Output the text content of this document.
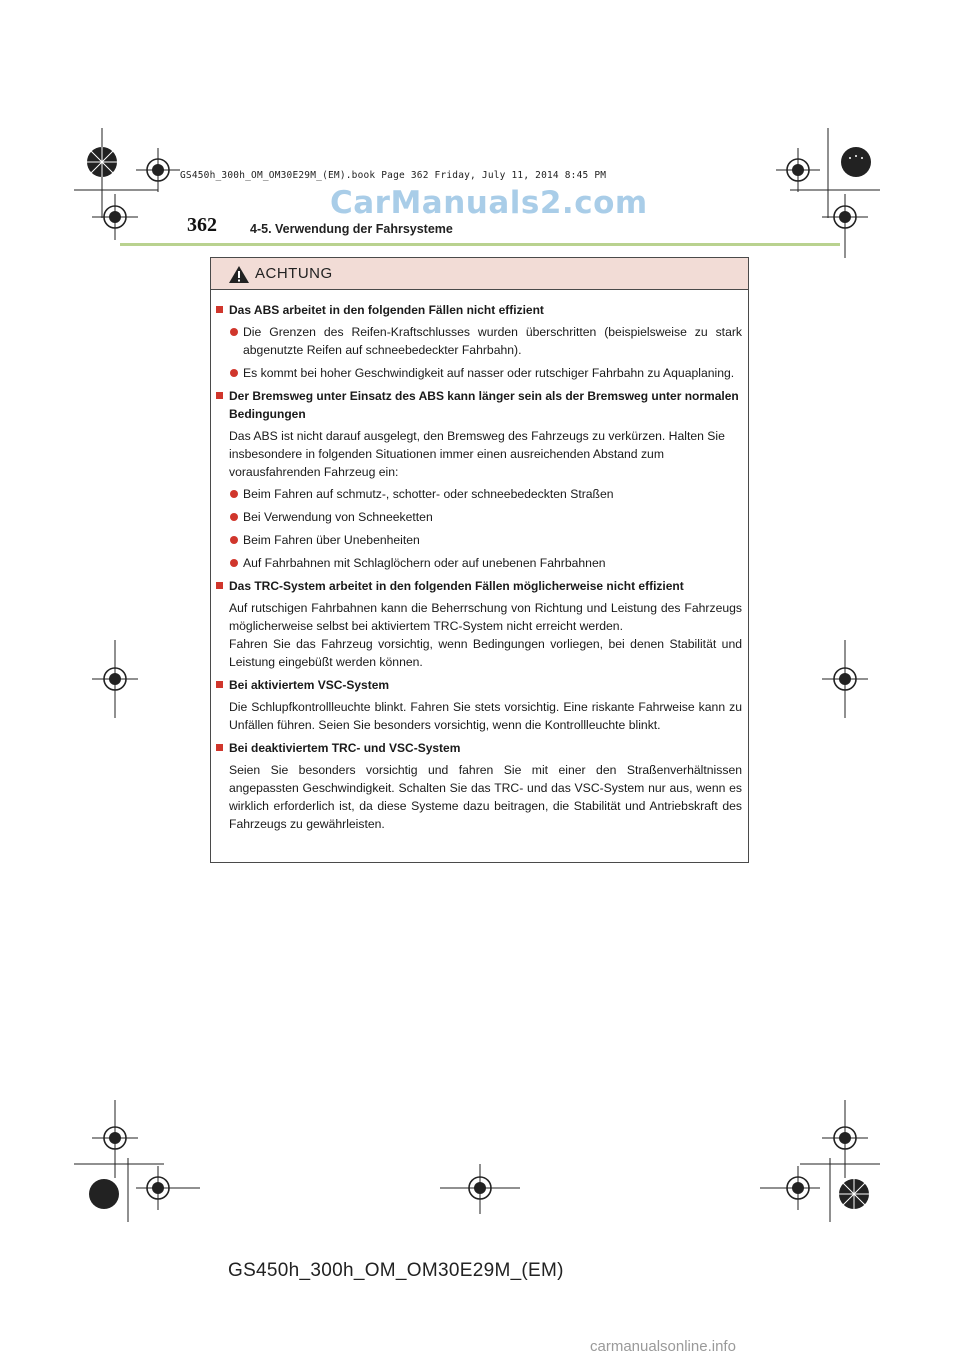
GS450h_300h_OM_OM30E29M_(EM).book Page 362 Friday, July 11, 2014 8:45 PM
CarManuals2.com
362	4-5. Verwendung der Fahrsysteme
ACHTUNG
Das ABS arbeitet in den folgenden Fällen nicht effizient
Die Grenzen des Reifen-Kraftschlusses wurden überschritten (beispielsweise zu stark abgenutzte Reifen auf schneebedeckter Fahrbahn).
Es kommt bei hoher Geschwindigkeit auf nasser oder rutschiger Fahrbahn zu Aquaplaning.
Der Bremsweg unter Einsatz des ABS kann länger sein als der Bremsweg unter normalen Bedingungen
Das ABS ist nicht darauf ausgelegt, den Bremsweg des Fahrzeugs zu verkürzen. Halten Sie insbesondere in folgenden Situationen immer einen ausreichenden Abstand zum vorausfahrenden Fahrzeug ein:
Beim Fahren auf schmutz-, schotter- oder schneebedeckten Straßen
Bei Verwendung von Schneeketten
Beim Fahren über Unebenheiten
Auf Fahrbahnen mit Schlaglöchern oder auf unebenen Fahrbahnen
Das TRC-System arbeitet in den folgenden Fällen möglicherweise nicht effizient
Auf rutschigen Fahrbahnen kann die Beherrschung von Richtung und Leistung des Fahrzeugs möglicherweise selbst bei aktiviertem TRC-System nicht erreicht werden.
Fahren Sie das Fahrzeug vorsichtig, wenn Bedingungen vorliegen, bei denen Stabilität und Leistung eingebüßt werden können.
Bei aktiviertem VSC-System
Die Schlupfkontrollleuchte blinkt. Fahren Sie stets vorsichtig. Eine riskante Fahrweise kann zu Unfällen führen. Seien Sie besonders vorsichtig, wenn die Kontrollleuchte blinkt.
Bei deaktiviertem TRC- und VSC-System
Seien Sie besonders vorsichtig und fahren Sie mit einer den Straßenverhältnissen angepassten Geschwindigkeit. Schalten Sie das TRC- und das VSC-System nur aus, wenn es wirklich erforderlich ist, da diese Systeme dazu beitragen, die Stabilität und Antriebskraft des Fahrzeugs zu gewährleisten.
GS450h_300h_OM_OM30E29M_(EM)
carmanualsonline.info
